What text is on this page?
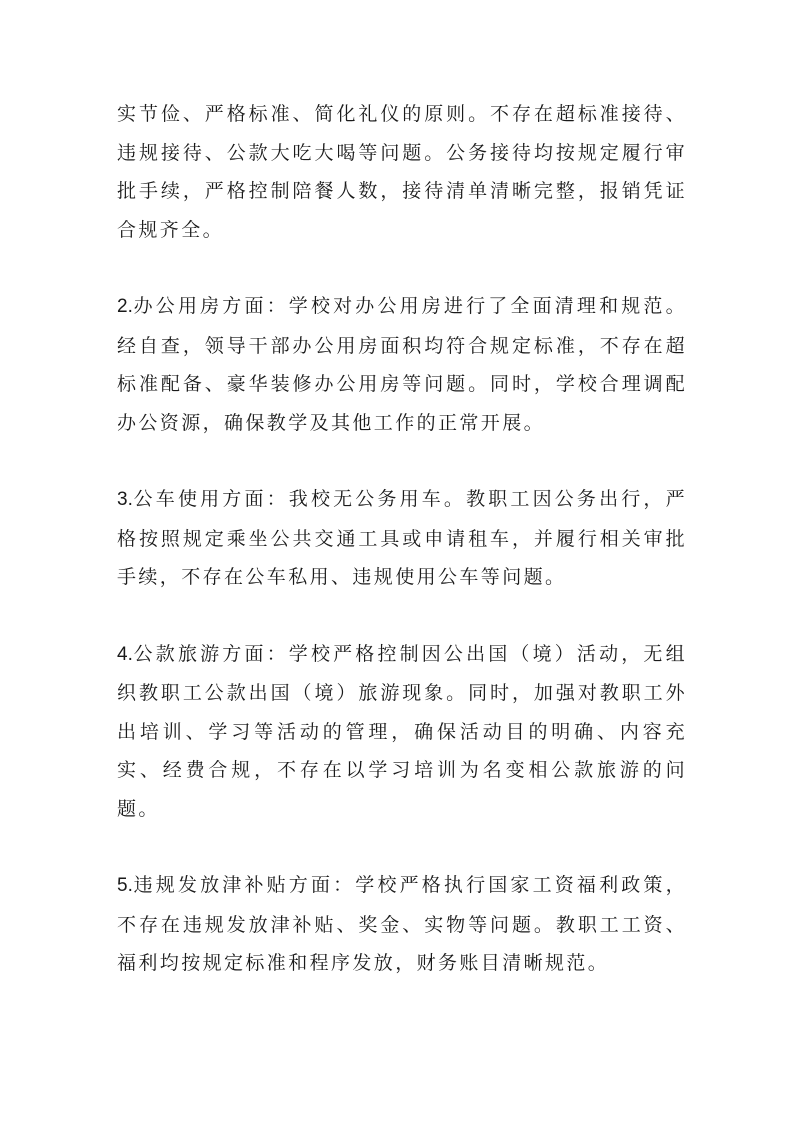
实节俭、严格标准、简化礼仪的原则。不存在超标准接待、违规接待、公款大吃大喝等问题。公务接待均按规定履行审批手续，严格控制陪餐人数，接待清单清晰完整，报销凭证合规齐全。

2.办公用房方面：学校对办公用房进行了全面清理和规范。经自查，领导干部办公用房面积均符合规定标准，不存在超标准配备、豪华装修办公用房等问题。同时，学校合理调配办公资源，确保教学及其他工作的正常开展。

3.公车使用方面：我校无公务用车。教职工因公务出行，严格按照规定乘坐公共交通工具或申请租车，并履行相关审批手续，不存在公车私用、违规使用公车等问题。

4.公款旅游方面：学校严格控制因公出国（境）活动，无组织教职工公款出国（境）旅游现象。同时，加强对教职工外出培训、学习等活动的管理，确保活动目的明确、内容充实、经费合规，不存在以学习培训为名变相公款旅游的问题。

5.违规发放津补贴方面：学校严格执行国家工资福利政策，不存在违规发放津补贴、奖金、实物等问题。教职工工资、福利均按规定标准和程序发放，财务账目清晰规范。
